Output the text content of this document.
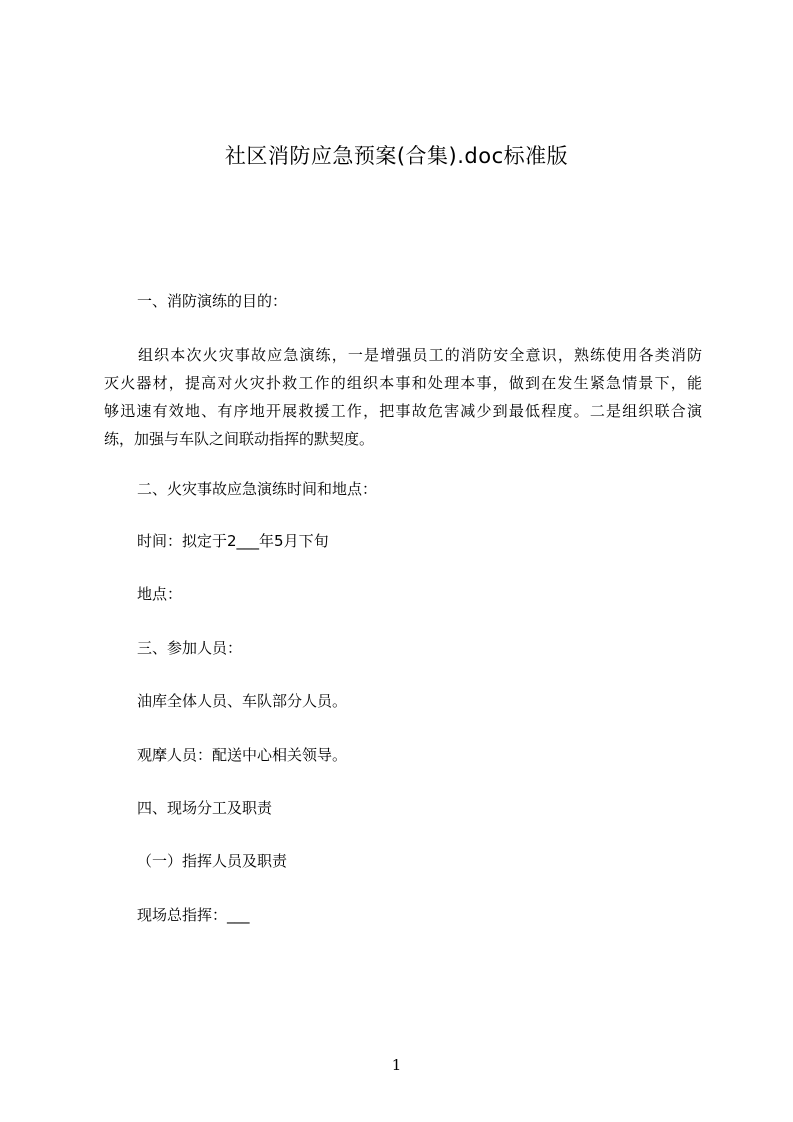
社区消防应急预案(合集).doc标准版
一、消防演练的目的：
组织本次火灾事故应急演练，一是增强员工的消防安全意识，熟练使用各类消防
灭火器材，提高对火灾扑救工作的组织本事和处理本事，做到在发生紧急情景下，能
够迅速有效地、有序地开展救援工作，把事故危害减少到最低程度。二是组织联合演
练，加强与车队之间联动指挥的默契度。
二、火灾事故应急演练时间和地点：
时间：拟定于2___年5月下旬
地点：
三、参加人员：
油库全体人员、车队部分人员。
观摩人员：配送中心相关领导。
四、现场分工及职责
（一）指挥人员及职责
现场总指挥：___
1
